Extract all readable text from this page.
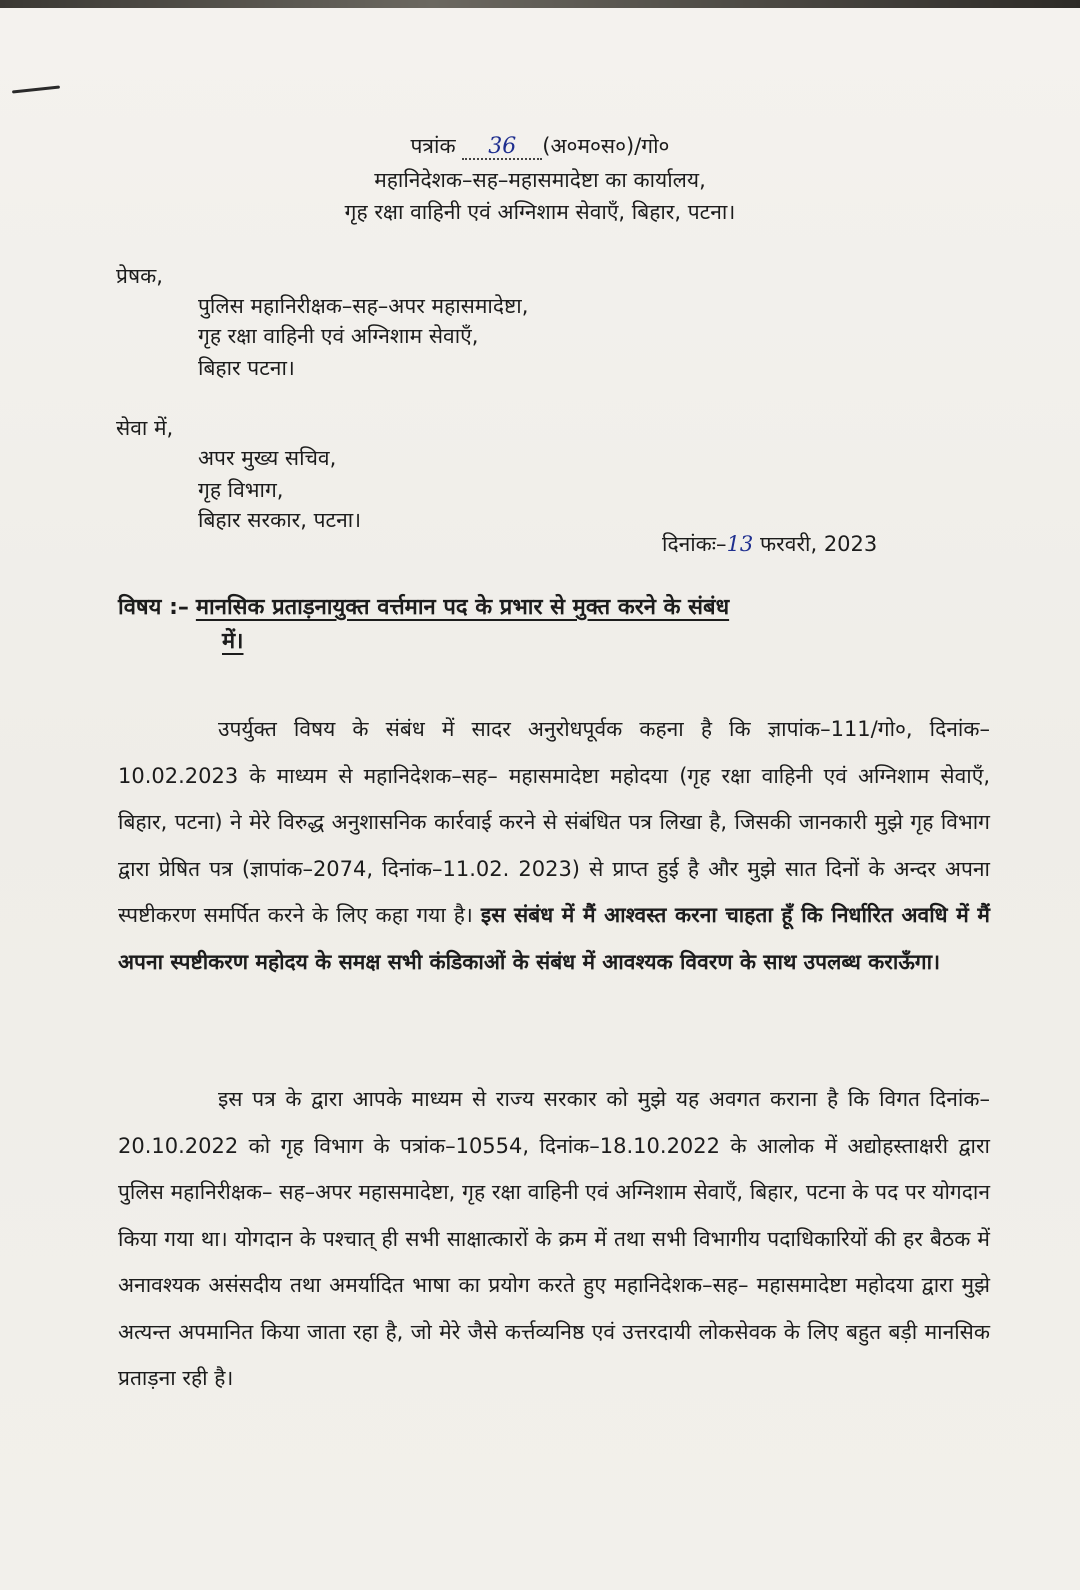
पत्रांक 36 (अ०म०स०)/गो०
महानिदेशक–सह–महासमादेष्टा का कार्यालय,
गृह रक्षा वाहिनी एवं अग्निशाम सेवाएँ, बिहार, पटना।
प्रेषक,
पुलिस महानिरीक्षक–सह–अपर महासमादेष्टा,
गृह रक्षा वाहिनी एवं अग्निशाम सेवाएँ,
बिहार पटना।
सेवा में,
अपर मुख्य सचिव,
गृह विभाग,
बिहार सरकार, पटना।
दिनांकः–13 फरवरी, 2023
विषय :– मानसिक प्रताड़नायुक्त वर्त्तमान पद के प्रभार से मुक्त करने के संबंध
में।
उपर्युक्त विषय के संबंध में सादर अनुरोधपूर्वक कहना है कि ज्ञापांक–111/गो०, दिनांक–10.02.2023 के माध्यम से महानिदेशक–सह– महासमादेष्टा महोदया (गृह रक्षा वाहिनी एवं अग्निशाम सेवाएँ, बिहार, पटना) ने मेरे विरुद्ध अनुशासनिक कार्रवाई करने से संबंधित पत्र लिखा है, जिसकी जानकारी मुझे गृह विभाग द्वारा प्रेषित पत्र (ज्ञापांक–2074, दिनांक–11.02. 2023) से प्राप्त हुई है और मुझे सात दिनों के अन्दर अपना स्पष्टीकरण समर्पित करने के लिए कहा गया है। इस संबंध में मैं आश्वस्त करना चाहता हूँ कि निर्धारित अवधि में मैं अपना स्पष्टीकरण महोदय के समक्ष सभी कंडिकाओं के संबंध में आवश्यक विवरण के साथ उपलब्ध कराऊँगा।
इस पत्र के द्वारा आपके माध्यम से राज्य सरकार को मुझे यह अवगत कराना है कि विगत दिनांक–20.10.2022 को गृह विभाग के पत्रांक–10554, दिनांक–18.10.2022 के आलोक में अद्योहस्ताक्षरी द्वारा पुलिस महानिरीक्षक– सह–अपर महासमादेष्टा, गृह रक्षा वाहिनी एवं अग्निशाम सेवाएँ, बिहार, पटना के पद पर योगदान किया गया था। योगदान के पश्चात् ही सभी साक्षात्कारों के क्रम में तथा सभी विभागीय पदाधिकारियों की हर बैठक में अनावश्यक असंसदीय तथा अमर्यादित भाषा का प्रयोग करते हुए महानिदेशक–सह– महासमादेष्टा महोदया द्वारा मुझे अत्यन्त अपमानित किया जाता रहा है, जो मेरे जैसे कर्त्तव्यनिष्ठ एवं उत्तरदायी लोकसेवक के लिए बहुत बड़ी मानसिक प्रताड़ना रही है।
